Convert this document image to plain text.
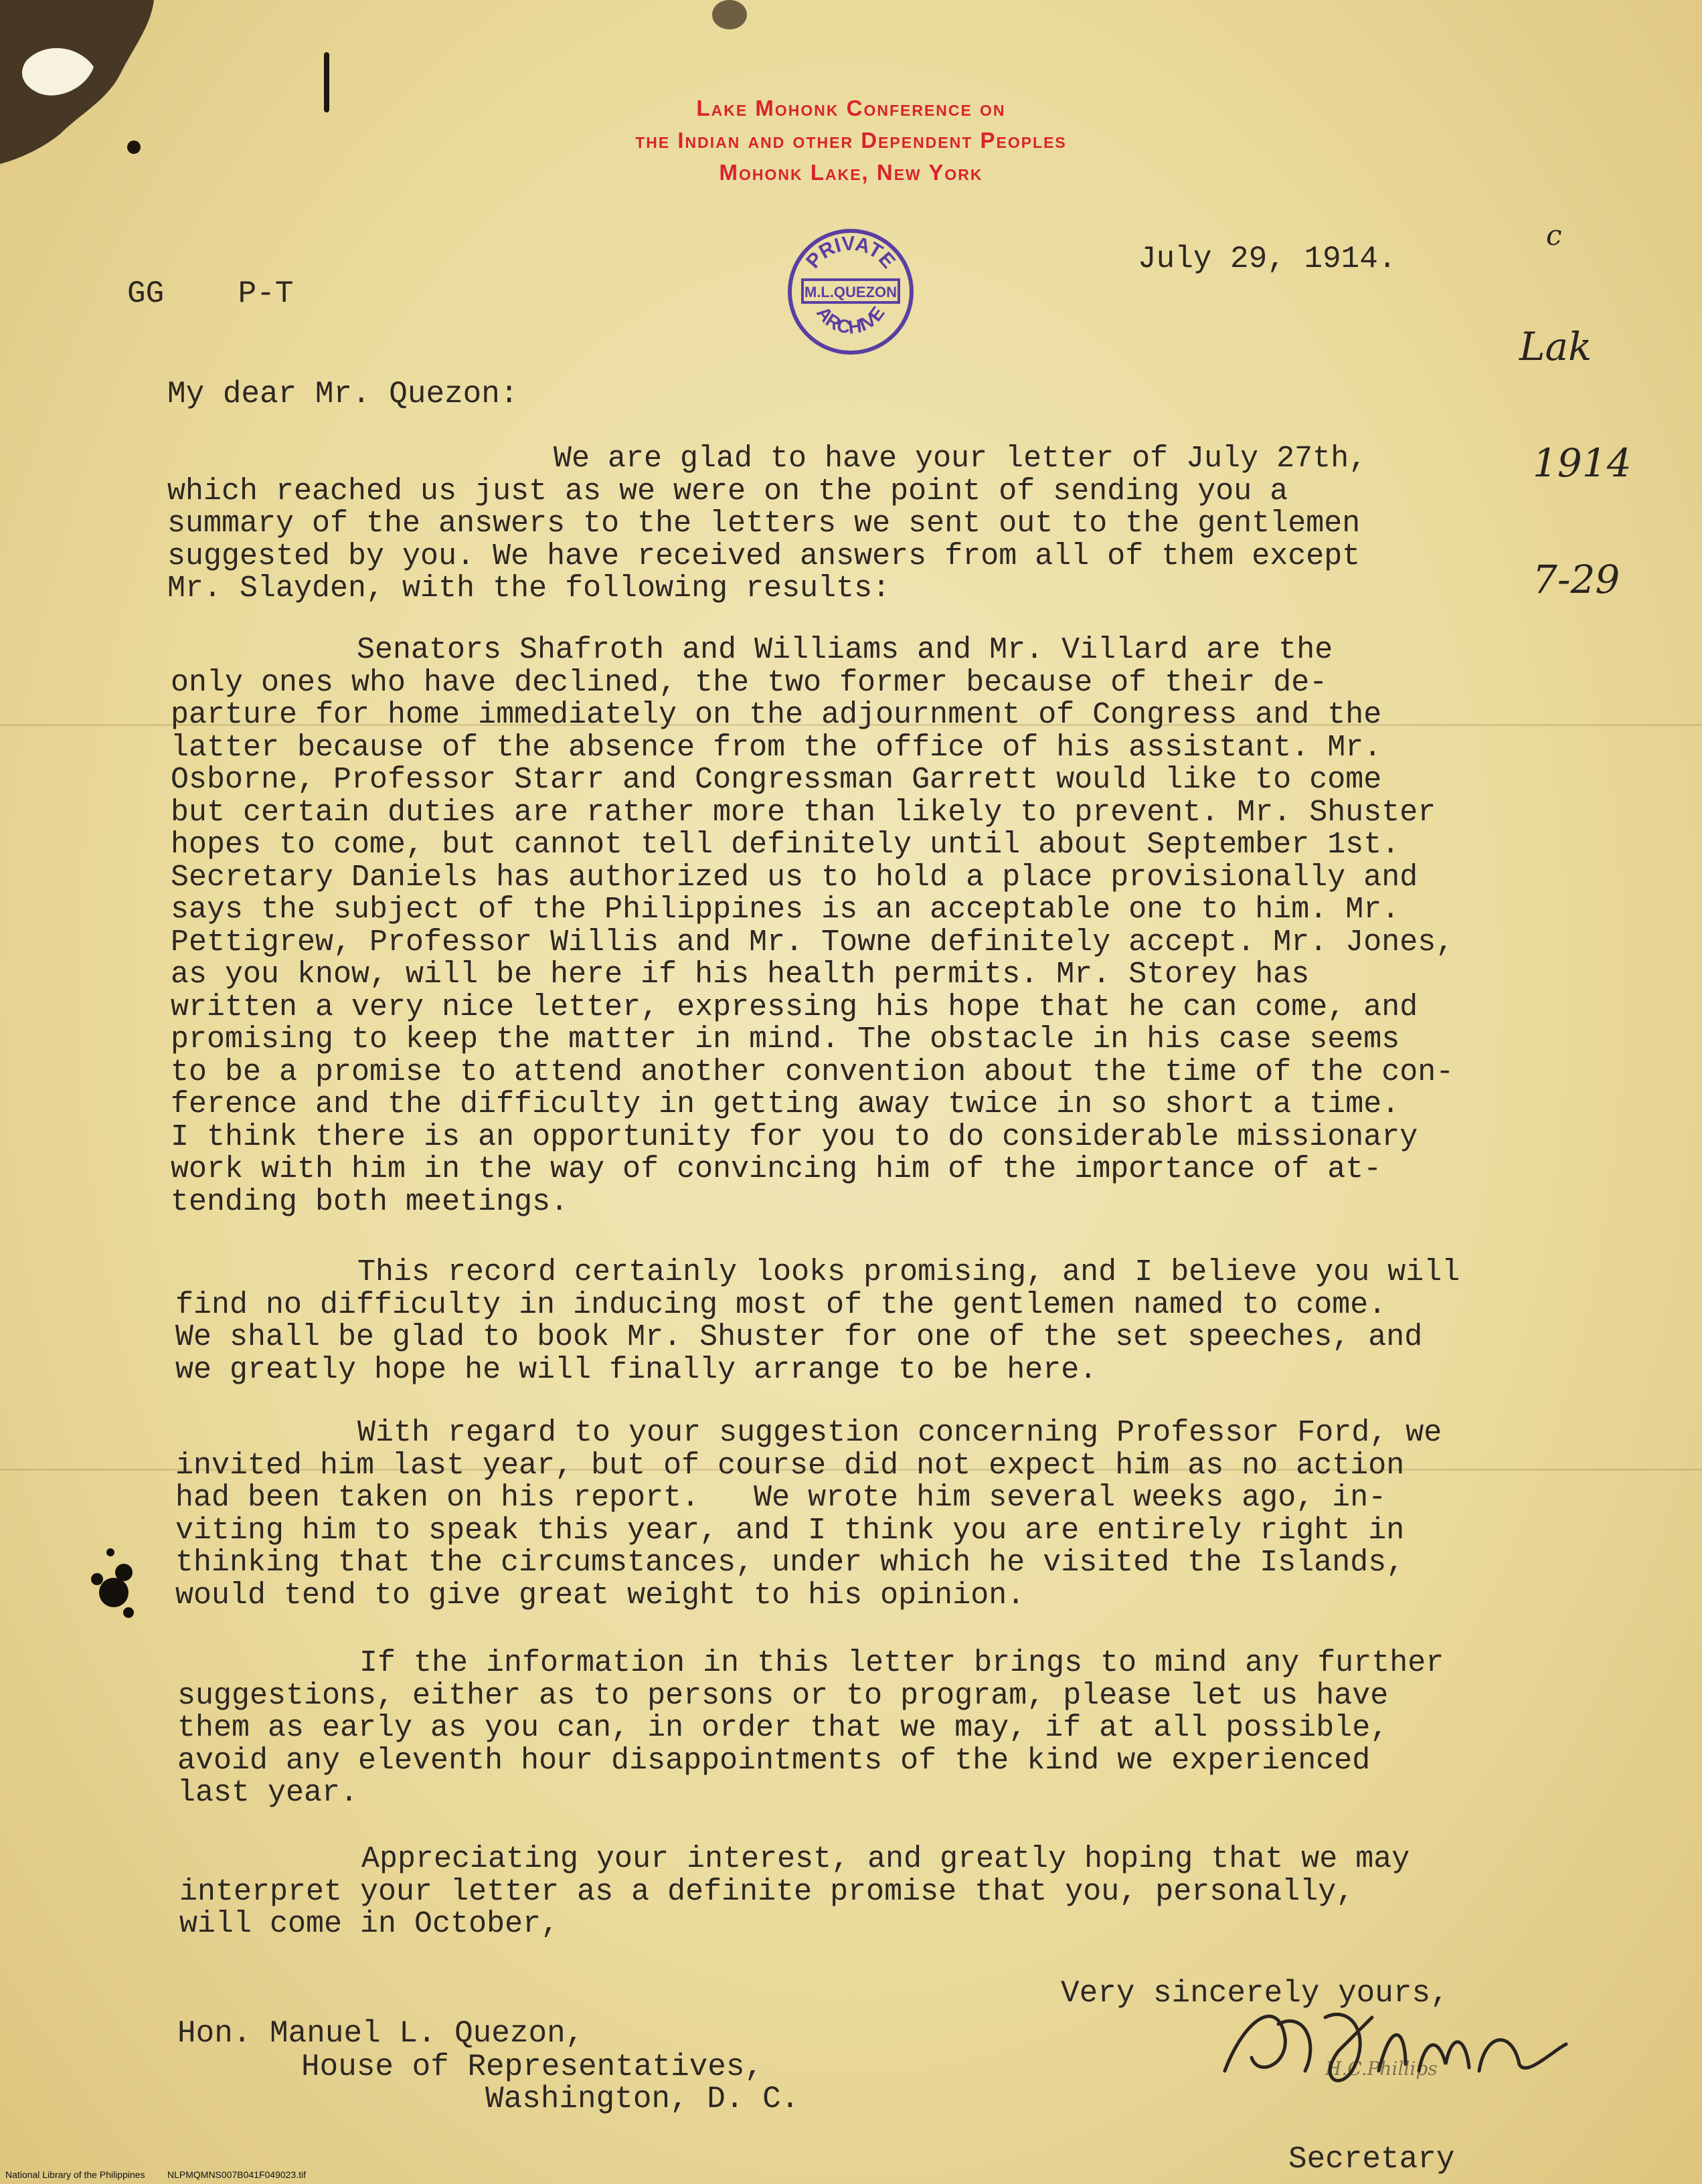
Lake Mohonk Conference on
the Indian and other Dependent Peoples
Mohonk Lake, New York
PRIVATE
ARCHIVE
M.L.QUEZON

c

Lak

1914

7-29

July 29, 1914.
GG    P-T
My dear Mr. Quezon:
We are glad to have your letter of July 27th,
which reached us just as we were on the point of sending you a
summary of the answers to the letters we sent out to the gentlemen
suggested by you. We have received answers from all of them except
Mr. Slayden, with the following results:
Senators Shafroth and Williams and Mr. Villard are the
only ones who have declined, the two former because of their de-
parture for home immediately on the adjournment of Congress and the
latter because of the absence from the office of his assistant. Mr.
Osborne, Professor Starr and Congressman Garrett would like to come
but certain duties are rather more than likely to prevent. Mr. Shuster
hopes to come, but cannot tell definitely until about September 1st.
Secretary Daniels has authorized us to hold a place provisionally and
says the subject of the Philippines is an acceptable one to him. Mr.
Pettigrew, Professor Willis and Mr. Towne definitely accept. Mr. Jones,
as you know, will be here if his health permits. Mr. Storey has
written a very nice letter, expressing his hope that he can come, and
promising to keep the matter in mind. The obstacle in his case seems
to be a promise to attend another convention about the time of the con-
ference and the difficulty in getting away twice in so short a time.
I think there is an opportunity for you to do considerable missionary
work with him in the way of convincing him of the importance of at-
tending both meetings.
This record certainly looks promising, and I believe you will
find no difficulty in inducing most of the gentlemen named to come.
We shall be glad to book Mr. Shuster for one of the set speeches, and
we greatly hope he will finally arrange to be here.
With regard to your suggestion concerning Professor Ford, we
invited him last year, but of course did not expect him as no action
had been taken on his report.   We wrote him several weeks ago, in-
viting him to speak this year, and I think you are entirely right in
thinking that the circumstances, under which he visited the Islands,
would tend to give great weight to his opinion.
If the information in this letter brings to mind any further
suggestions, either as to persons or to program, please let us have
them as early as you can, in order that we may, if at all possible,
avoid any eleventh hour disappointments of the kind we experienced
last year.
Appreciating your interest, and greatly hoping that we may
interpret your letter as a definite promise that you, personally,
will come in October,
Very sincerely yours,
Hon. Manuel L. Quezon,
House of Representatives,
Washington, D. C.
H.C.Phillips
Secretary
National Library of the Philippines NLPMQMNS007B041F049023.tif
